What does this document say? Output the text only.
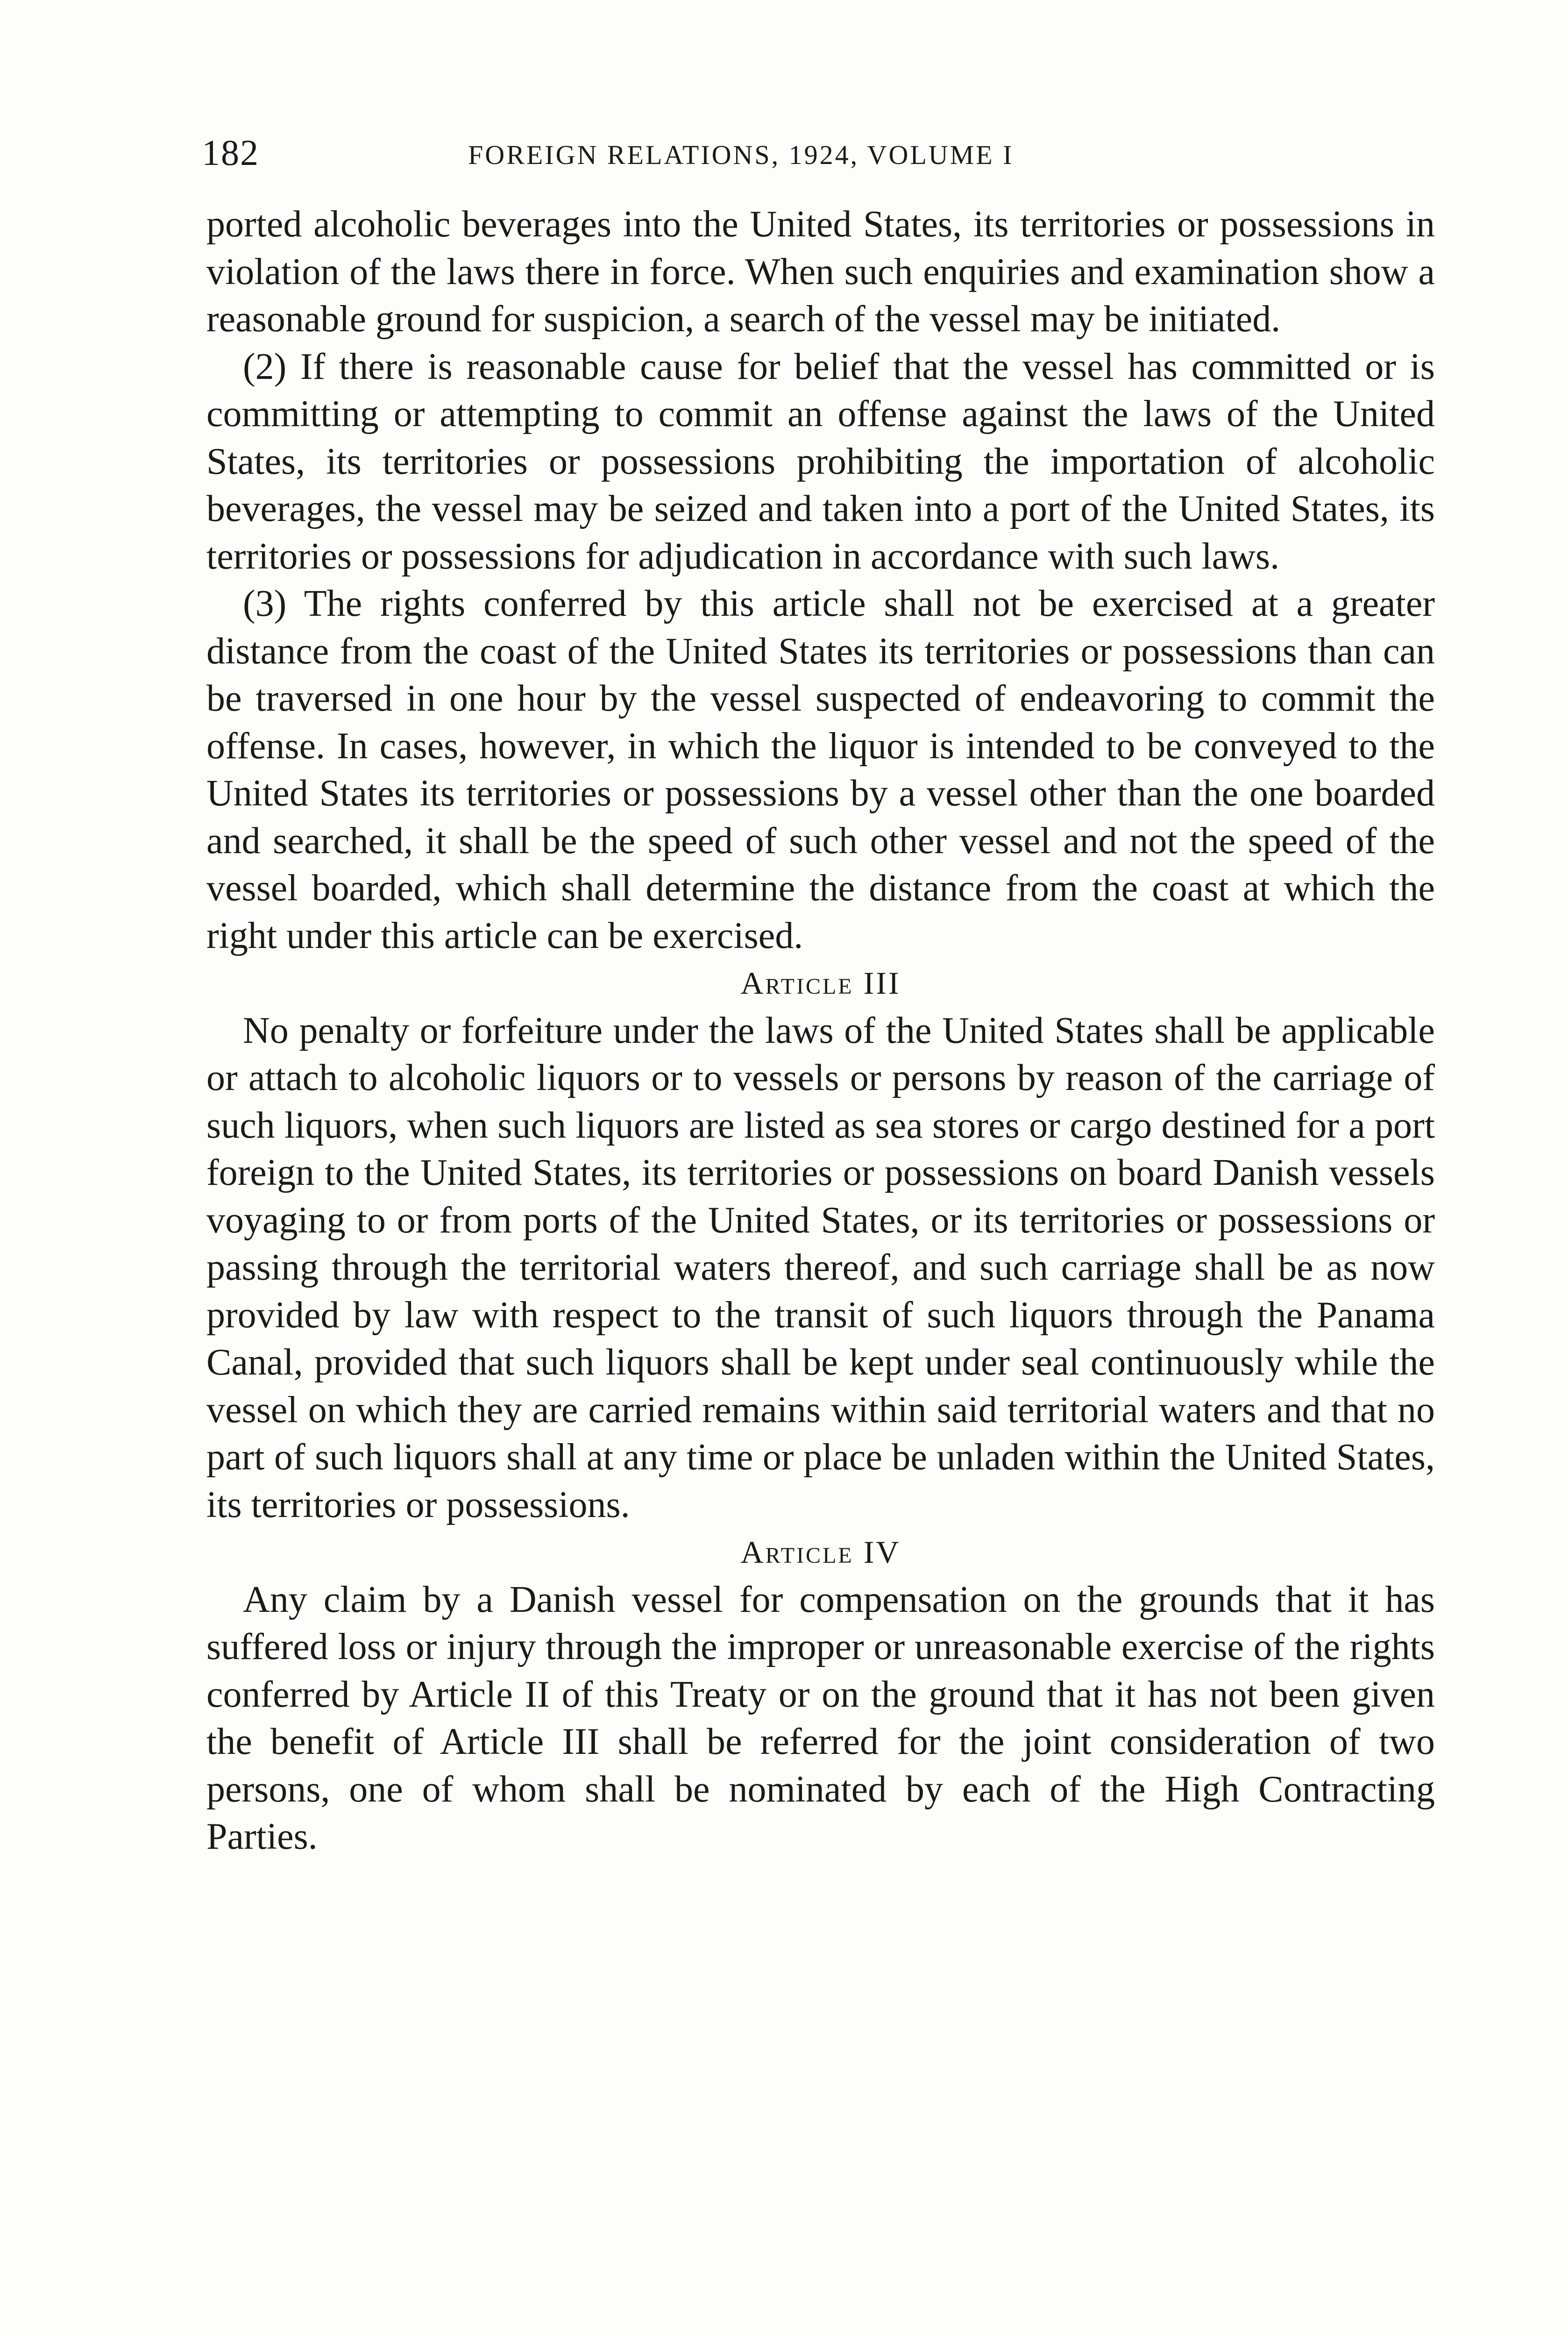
182	FOREIGN RELATIONS, 1924, VOLUME I

ported alcoholic beverages into the United States, its territories or possessions in violation of the laws there in force. When such enquiries and examination show a reasonable ground for suspicion, a search of the vessel may be initiated.

(2) If there is reasonable cause for belief that the vessel has committed or is committing or attempting to commit an offense against the laws of the United States, its territories or possessions prohibiting the importation of alcoholic beverages, the vessel may be seized and taken into a port of the United States, its territories or possessions for adjudication in accordance with such laws.

(3) The rights conferred by this article shall not be exercised at a greater distance from the coast of the United States its territories or possessions than can be traversed in one hour by the vessel suspected of endeavoring to commit the offense. In cases, however, in which the liquor is intended to be conveyed to the United States its territories or possessions by a vessel other than the one boarded and searched, it shall be the speed of such other vessel and not the speed of the vessel boarded, which shall determine the distance from the coast at which the right under this article can be exercised.

Article III

No penalty or forfeiture under the laws of the United States shall be applicable or attach to alcoholic liquors or to vessels or persons by reason of the carriage of such liquors, when such liquors are listed as sea stores or cargo destined for a port foreign to the United States, its territories or possessions on board Danish vessels voyaging to or from ports of the United States, or its territories or possessions or passing through the territorial waters thereof, and such carriage shall be as now provided by law with respect to the transit of such liquors through the Panama Canal, provided that such liquors shall be kept under seal continuously while the vessel on which they are carried remains within said territorial waters and that no part of such liquors shall at any time or place be unladen within the United States, its territories or possessions.

Article IV

Any claim by a Danish vessel for compensation on the grounds that it has suffered loss or injury through the improper or unreasonable exercise of the rights conferred by Article II of this Treaty or on the ground that it has not been given the benefit of Article III shall be referred for the joint consideration of two persons, one of whom shall be nominated by each of the High Contracting Parties.
